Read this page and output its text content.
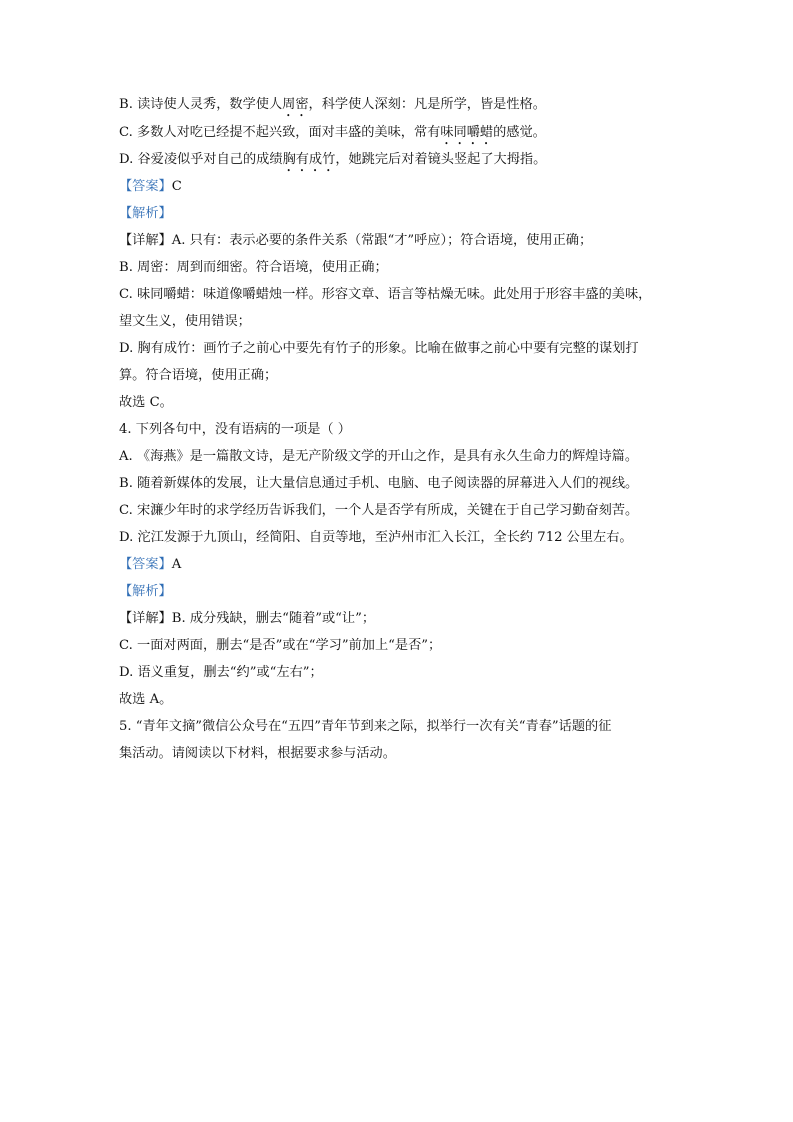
B. 读诗使人灵秀，数学使人周密，科学使人深刻：凡是所学，皆是性格。
C. 多数人对吃已经提不起兴致，面对丰盛的美味，常有味同嚼蜡的感觉。
D. 谷爱凌似乎对自己的成绩胸有成竹，她跳完后对着镜头竖起了大拇指。
【答案】C
【解析】
【详解】A. 只有：表示必要的条件关系（常跟“才”呼应）；符合语境，使用正确；
B. 周密：周到而细密。符合语境，使用正确；
C. 味同嚼蜡：味道像嚼蜡烛一样。形容文章、语言等枯燥无味。此处用于形容丰盛的美味，
望文生义，使用错误；
D. 胸有成竹：画竹子之前心中要先有竹子的形象。比喻在做事之前心中要有完整的谋划打
算。符合语境，使用正确；
故选 C。
4. 下列各句中，没有语病的一项是（ ）
A. 《海燕》是一篇散文诗，是无产阶级文学的开山之作，是具有永久生命力的辉煌诗篇。
B. 随着新媒体的发展，让大量信息通过手机、电脑、电子阅读器的屏幕进入人们的视线。
C. 宋濂少年时的求学经历告诉我们，一个人是否学有所成，关键在于自己学习勤奋刻苦。
D. 沱江发源于九顶山，经简阳、自贡等地，至泸州市汇入长江，全长约 712 公里左右。
【答案】A
【解析】
【详解】B. 成分残缺，删去“随着”或“让”；
C. 一面对两面，删去“是否”或在“学习”前加上“是否”；
D. 语义重复，删去“约”或“左右”；
故选 A。
5. “青年文摘”微信公众号在“五四”青年节到来之际，拟举行一次有关“青春”话题的征
集活动。请阅读以下材料，根据要求参与活动。
